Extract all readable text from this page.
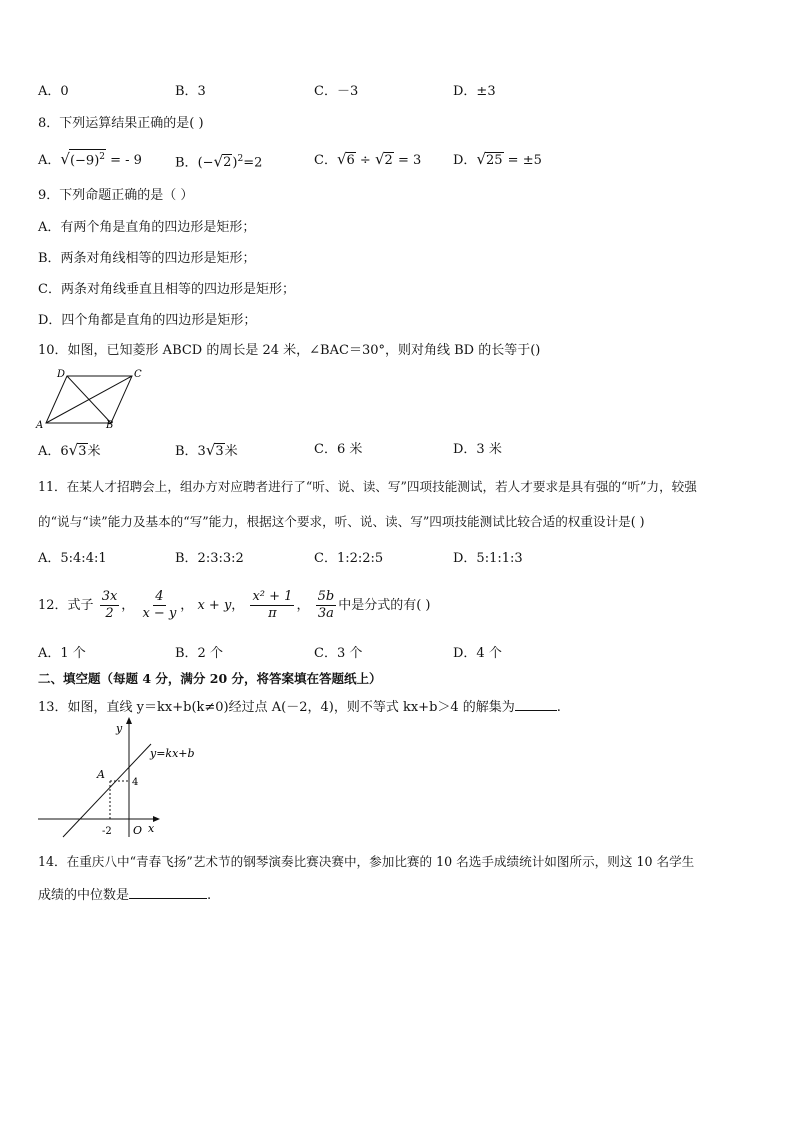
A．0	B．3	C．－3	D．±3
8．下列运算结果正确的是( )
A．$√(-9)^2$ = - 9	B．$(-√2)^2=2$	C．√6 ÷ √2 = 3 D．√25 = ±5
9．下列命题正确的是（ ）
A．有两个角是直角的四边形是矩形；
B．两条对角线相等的四边形是矩形；
C．两条对角线垂直且相等的四边形是矩形；
D．四个角都是直角的四边形是矩形；
10．如图，已知菱形 ABCD 的周长是 24 米，∠BAC＝30°，则对角线 BD 的长等于()
D	C
A	B
A．6√3米	B．3√3米	C．6 米	D．3 米
11．在某人才招聘会上，组办方对应聘者进行了“听、说、读、写”四项技能测试，若人才要求是具有强的“听”力，较强
的“说与“读”能力及基本的“写”能力，根据这个要求，听、说、读、写”四项技能测试比较合适的权重设计是( )
A．5:4:4:1	B．2:3:3:2	C．1:2:2:5	D．5:1:1:3
12．式子 $\frac{3x}{2}$ ， $\frac{4}{x - y}$ ， x + y， $\frac{\text{x² + 1}}{\pi}$ ， $\frac{5b}{3a}$ 中是分式的有( )
A．1 个	B．2 个	C．3 个	D．4 个
二、填空题（每题 4 分，满分 20 分，将答案填在答题纸上）
13．如图，直线 y＝kx+b(k≠0)经过点 A(－2，4)，则不等式 kx+b＞4 的解集为	.
y
x
O
y=kx+b
A
4
-2
14．在重庆八中“青春飞扬”艺术节的钢琴演奏比赛决赛中，参加比赛的 10 名选手成绩统计如图所示，则这 10 名学生
成绩的中位数是	.
